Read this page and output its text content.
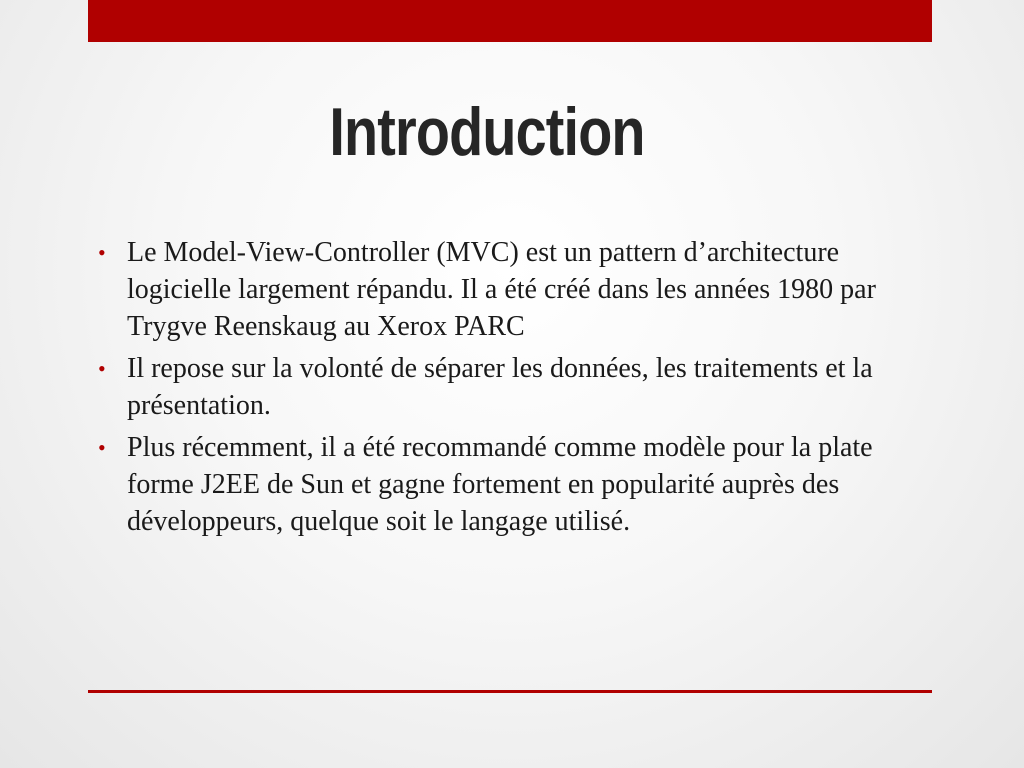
Introduction
• Le Model-View-Controller (MVC) est un pattern d’architecture logicielle largement répandu. Il a été créé dans les années 1980 par Trygve Reenskaug au Xerox PARC
• Il repose sur la volonté de séparer les données, les traitements et la présentation.
• Plus récemment, il a été recommandé comme modèle pour la plate forme J2EE de Sun et gagne fortement en popularité auprès des développeurs, quelque soit le langage utilisé.
